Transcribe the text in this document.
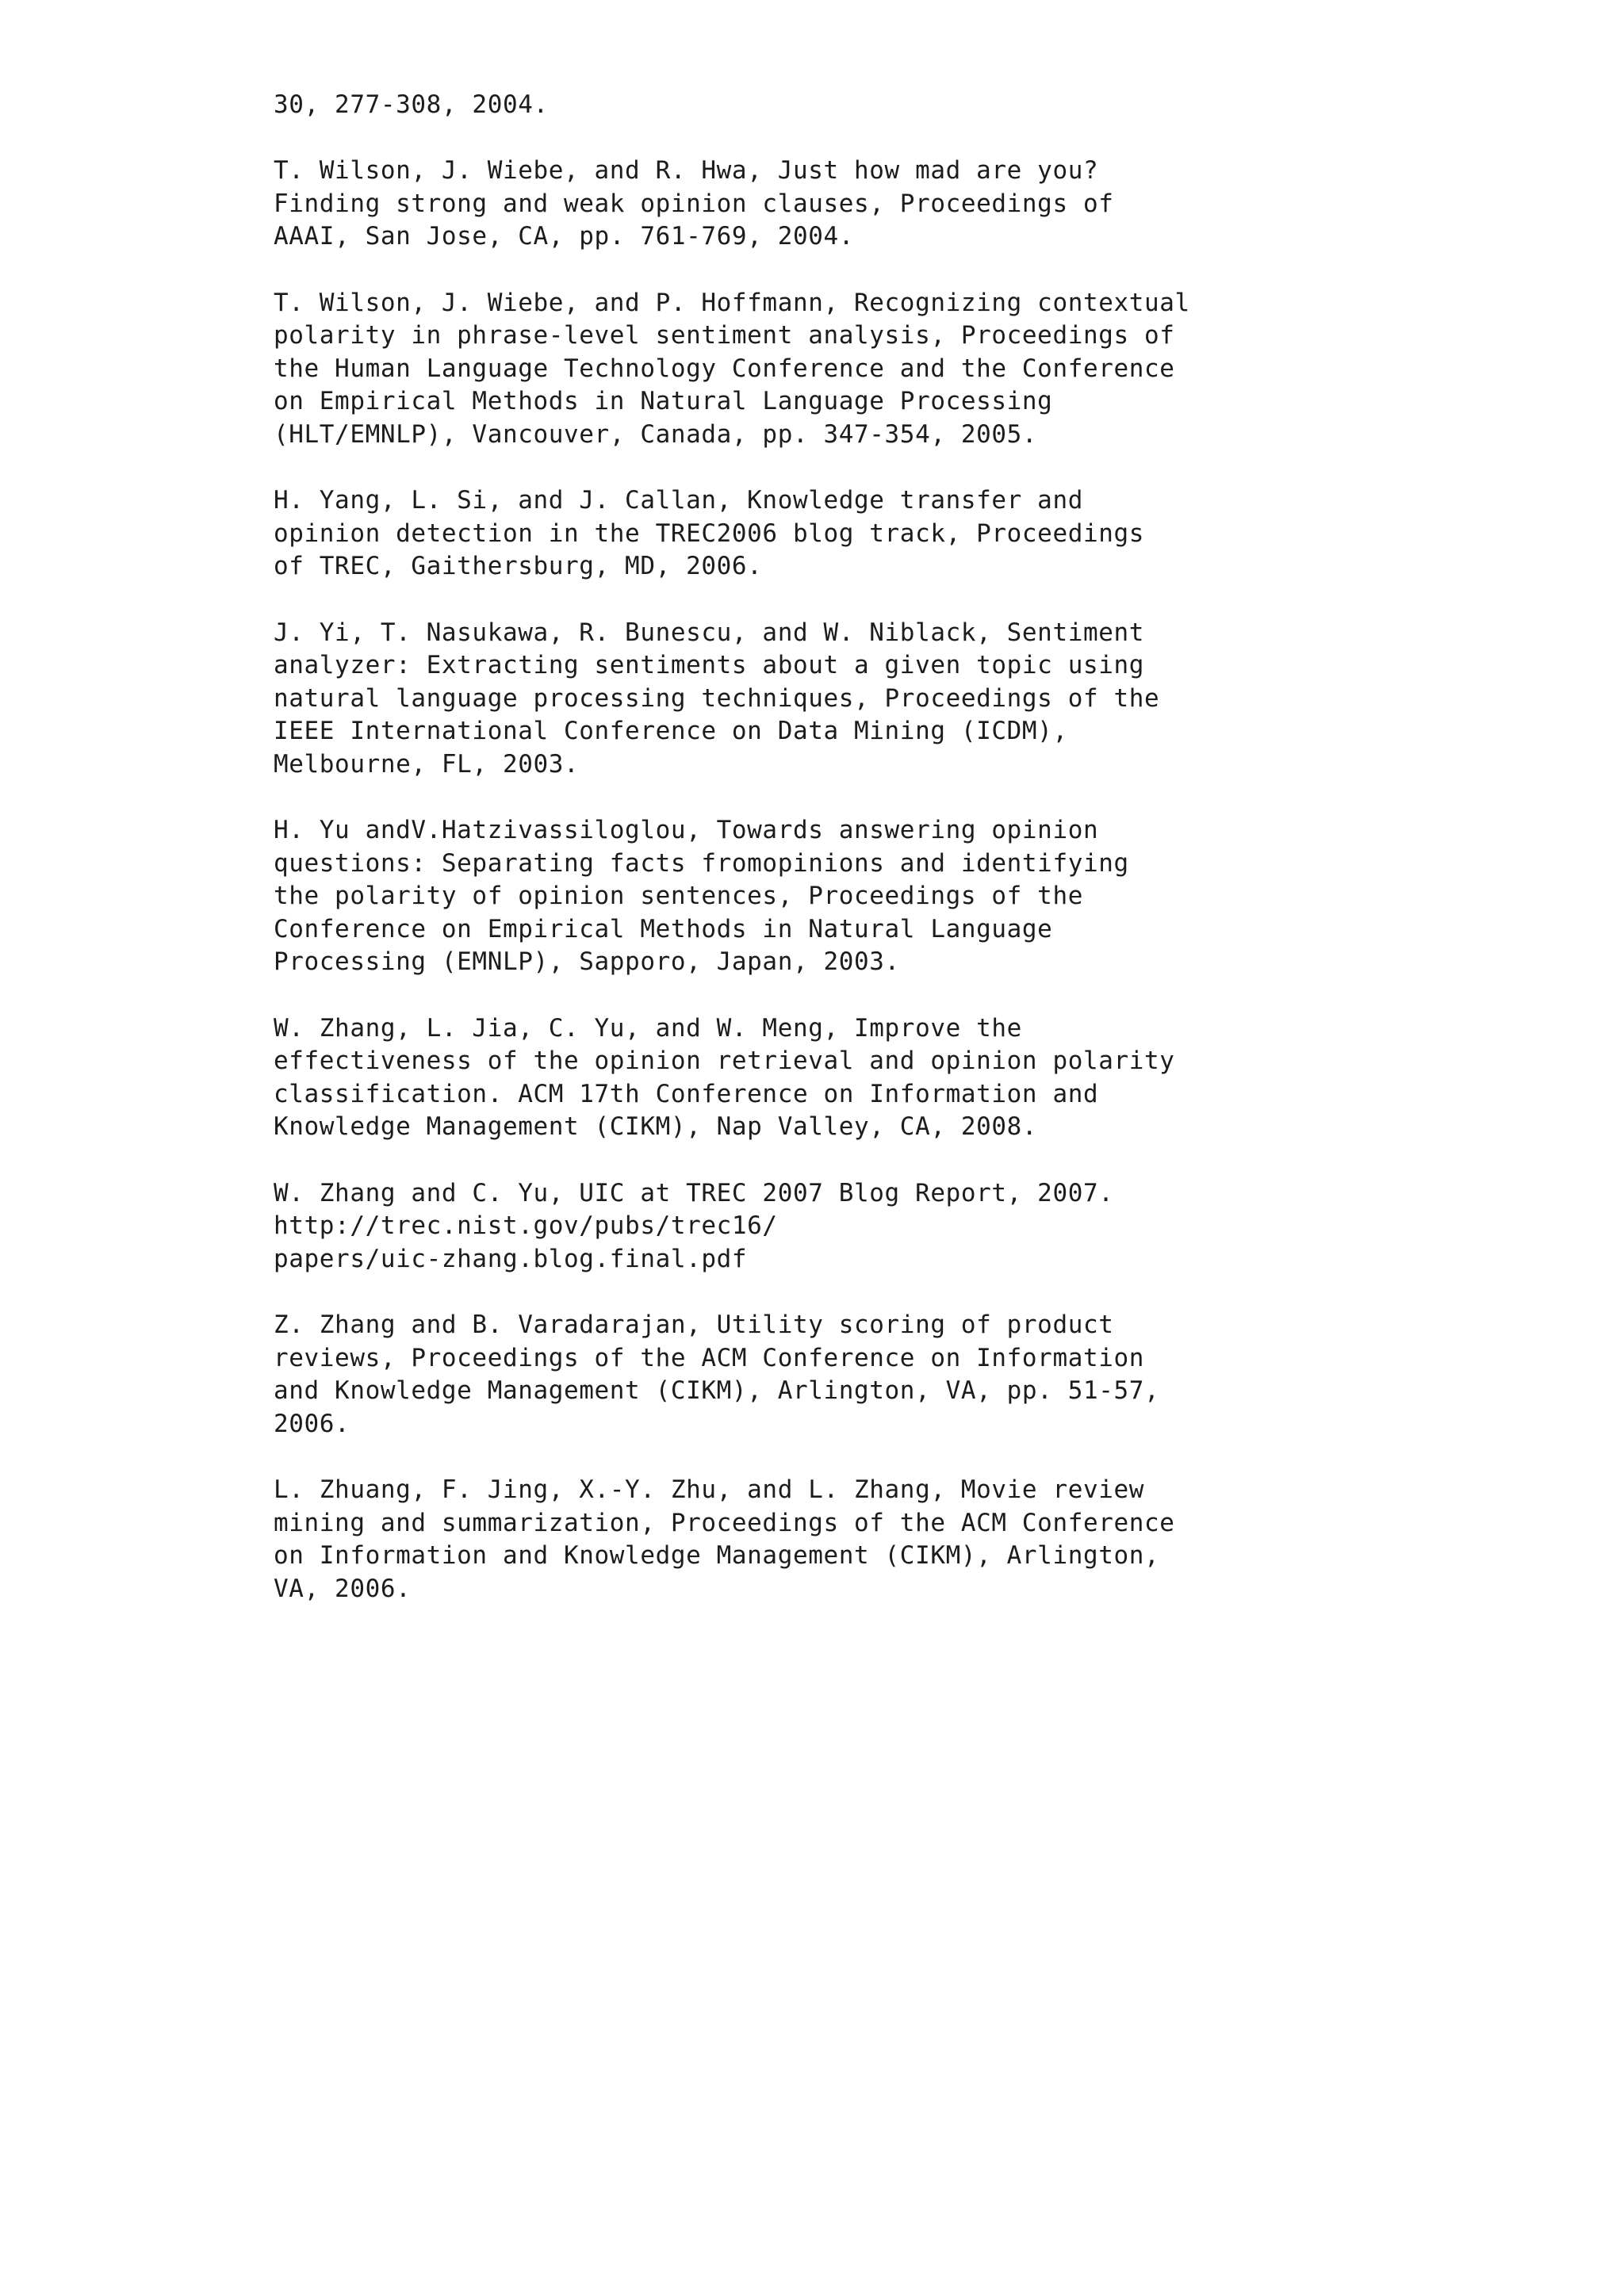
30, 277-308, 2004.
T. Wilson, J. Wiebe, and R. Hwa, Just how mad are you?
Finding strong and weak opinion clauses, Proceedings of
AAAI, San Jose, CA, pp. 761-769, 2004.
T. Wilson, J. Wiebe, and P. Hoffmann, Recognizing contextual
polarity in phrase-level sentiment analysis, Proceedings of
the Human Language Technology Conference and the Conference
on Empirical Methods in Natural Language Processing
(HLT/EMNLP), Vancouver, Canada, pp. 347-354, 2005.
H. Yang, L. Si, and J. Callan, Knowledge transfer and
opinion detection in the TREC2006 blog track, Proceedings
of TREC, Gaithersburg, MD, 2006.
J. Yi, T. Nasukawa, R. Bunescu, and W. Niblack, Sentiment
analyzer: Extracting sentiments about a given topic using
natural language processing techniques, Proceedings of the
IEEE International Conference on Data Mining (ICDM),
Melbourne, FL, 2003.
H. Yu andV.Hatzivassiloglou, Towards answering opinion
questions: Separating facts fromopinions and identifying
the polarity of opinion sentences, Proceedings of the
Conference on Empirical Methods in Natural Language
Processing (EMNLP), Sapporo, Japan, 2003.
W. Zhang, L. Jia, C. Yu, and W. Meng, Improve the
effectiveness of the opinion retrieval and opinion polarity
classification. ACM 17th Conference on Information and
Knowledge Management (CIKM), Nap Valley, CA, 2008.
W. Zhang and C. Yu, UIC at TREC 2007 Blog Report, 2007.
http://trec.nist.gov/pubs/trec16/
papers/uic-zhang.blog.final.pdf
Z. Zhang and B. Varadarajan, Utility scoring of product
reviews, Proceedings of the ACM Conference on Information
and Knowledge Management (CIKM), Arlington, VA, pp. 51-57,
2006.
L. Zhuang, F. Jing, X.-Y. Zhu, and L. Zhang, Movie review
mining and summarization, Proceedings of the ACM Conference
on Information and Knowledge Management (CIKM), Arlington,
VA, 2006.
